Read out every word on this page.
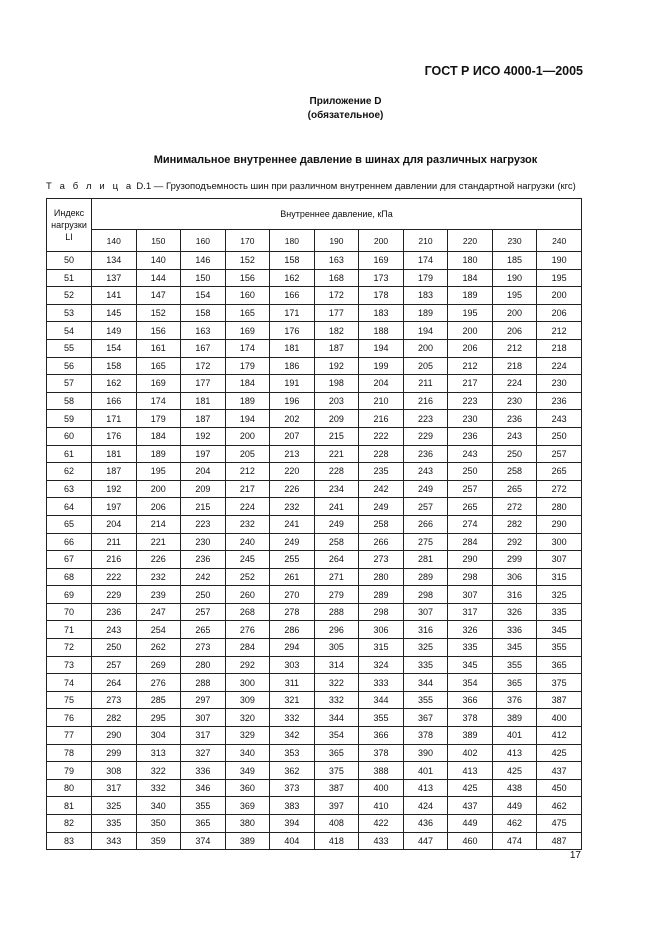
ГОСТ Р ИСО 4000-1—2005
Приложение D
(обязательное)
Минимальное внутреннее давление в шинах для различных нагрузок
Т а б л и ц а D.1 — Грузоподъемность шин при различном внутреннем давлении для стандартной нагрузки (кгс)
Индекс нагрузки LI	Внутреннее давление, кПа										
	140	150	160	170	180	190	200	210	220	230	240
50	134	140	146	152	158	163	169	174	180	185	190
51	137	144	150	156	162	168	173	179	184	190	195
52	141	147	154	160	166	172	178	183	189	195	200
53	145	152	158	165	171	177	183	189	195	200	206
54	149	156	163	169	176	182	188	194	200	206	212
55	154	161	167	174	181	187	194	200	206	212	218
56	158	165	172	179	186	192	199	205	212	218	224
57	162	169	177	184	191	198	204	211	217	224	230
58	166	174	181	189	196	203	210	216	223	230	236
59	171	179	187	194	202	209	216	223	230	236	243
60	176	184	192	200	207	215	222	229	236	243	250
61	181	189	197	205	213	221	228	236	243	250	257
62	187	195	204	212	220	228	235	243	250	258	265
63	192	200	209	217	226	234	242	249	257	265	272
64	197	206	215	224	232	241	249	257	265	272	280
65	204	214	223	232	241	249	258	266	274	282	290
66	211	221	230	240	249	258	266	275	284	292	300
67	216	226	236	245	255	264	273	281	290	299	307
68	222	232	242	252	261	271	280	289	298	306	315
69	229	239	250	260	270	279	289	298	307	316	325
70	236	247	257	268	278	288	298	307	317	326	335
71	243	254	265	276	286	296	306	316	326	336	345
72	250	262	273	284	294	305	315	325	335	345	355
73	257	269	280	292	303	314	324	335	345	355	365
74	264	276	288	300	311	322	333	344	354	365	375
75	273	285	297	309	321	332	344	355	366	376	387
76	282	295	307	320	332	344	355	367	378	389	400
77	290	304	317	329	342	354	366	378	389	401	412
78	299	313	327	340	353	365	378	390	402	413	425
79	308	322	336	349	362	375	388	401	413	425	437
80	317	332	346	360	373	387	400	413	425	438	450
81	325	340	355	369	383	397	410	424	437	449	462
82	335	350	365	380	394	408	422	436	449	462	475
83	343	359	374	389	404	418	433	447	460	474	487
17
